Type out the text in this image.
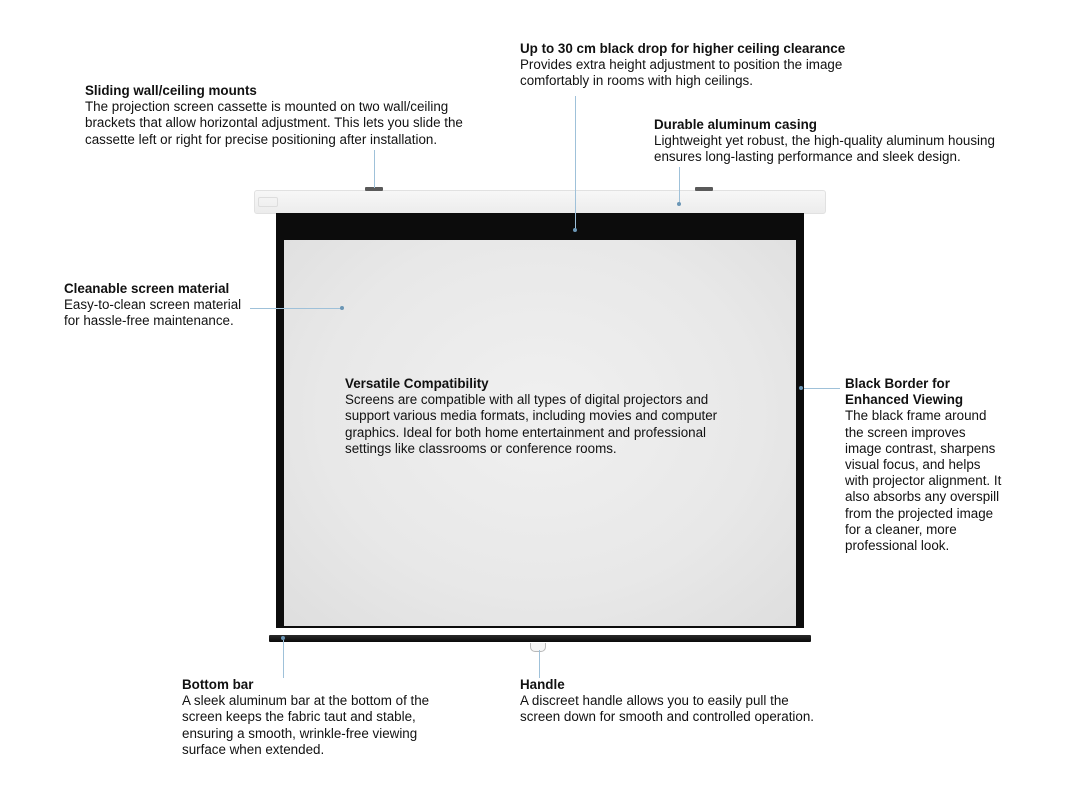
Sliding wall/ceiling mounts
The projection screen cassette is mounted on two wall/ceiling
brackets that allow horizontal adjustment. This lets you slide the
cassette left or right for precise positioning after installation.
Up to 30 cm black drop for higher ceiling clearance
Provides extra height adjustment to position the image
comfortably in rooms with high ceilings.
Durable aluminum casing
Lightweight yet robust, the high-quality aluminum housing
ensures long-lasting performance and sleek design.
Cleanable screen material
Easy-to-clean screen material
for hassle-free maintenance.
Versatile Compatibility
Screens are compatible with all types of digital projectors and
support various media formats, including movies and computer
graphics. Ideal for both home entertainment and professional
settings like classrooms or conference rooms.
Black Border for
Enhanced Viewing
The black frame around
the screen improves
image contrast, sharpens
visual focus, and helps
with projector alignment. It
also absorbs any overspill
from the projected image
for a cleaner, more
professional look.
Bottom bar
A sleek aluminum bar at the bottom of the
screen keeps the fabric taut and stable,
ensuring a smooth, wrinkle-free viewing
surface when extended.
Handle
A discreet handle allows you to easily pull the
screen down for smooth and controlled operation.
